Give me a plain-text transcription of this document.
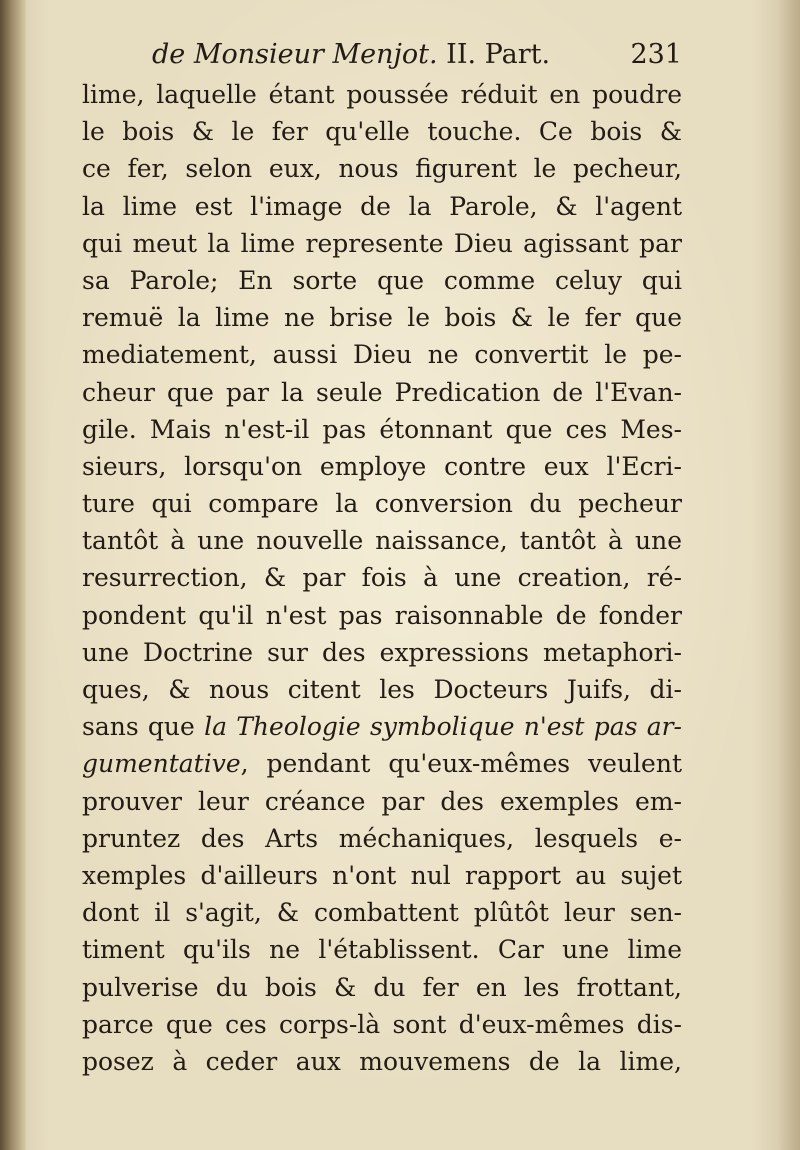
de Monsieur Menjot. II. Part.	231
lime, laquelle étant poussée réduit en poudre
le bois & le fer qu'elle touche. Ce bois &
ce fer, selon eux, nous figurent le pecheur,
la lime est l'image de la Parole, & l'agent
qui meut la lime represente Dieu agissant par
sa Parole; En sorte que comme celuy qui
remuë la lime ne brise le bois & le fer que
mediatement, aussi Dieu ne convertit le pe-
cheur que par la seule Predication de l'Evan-
gile. Mais n'est-il pas étonnant que ces Mes-
sieurs, lorsqu'on employe contre eux l'Ecri-
ture qui compare la conversion du pecheur
tantôt à une nouvelle naissance, tantôt à une
resurrection, & par fois à une creation, ré-
pondent qu'il n'est pas raisonnable de fonder
une Doctrine sur des expressions metaphori-
ques, & nous citent les Docteurs Juifs, di-
sans que la Theologie symbolique n'est pas ar-
gumentative, pendant qu'eux-mêmes veulent
prouver leur créance par des exemples em-
pruntez des Arts méchaniques, lesquels e-
xemples d'ailleurs n'ont nul rapport au sujet
dont il s'agit, & combattent plûtôt leur sen-
timent qu'ils ne l'établissent. Car une lime
pulverise du bois & du fer en les frottant,
parce que ces corps-là sont d'eux-mêmes dis-
posez à ceder aux mouvemens de la lime,
